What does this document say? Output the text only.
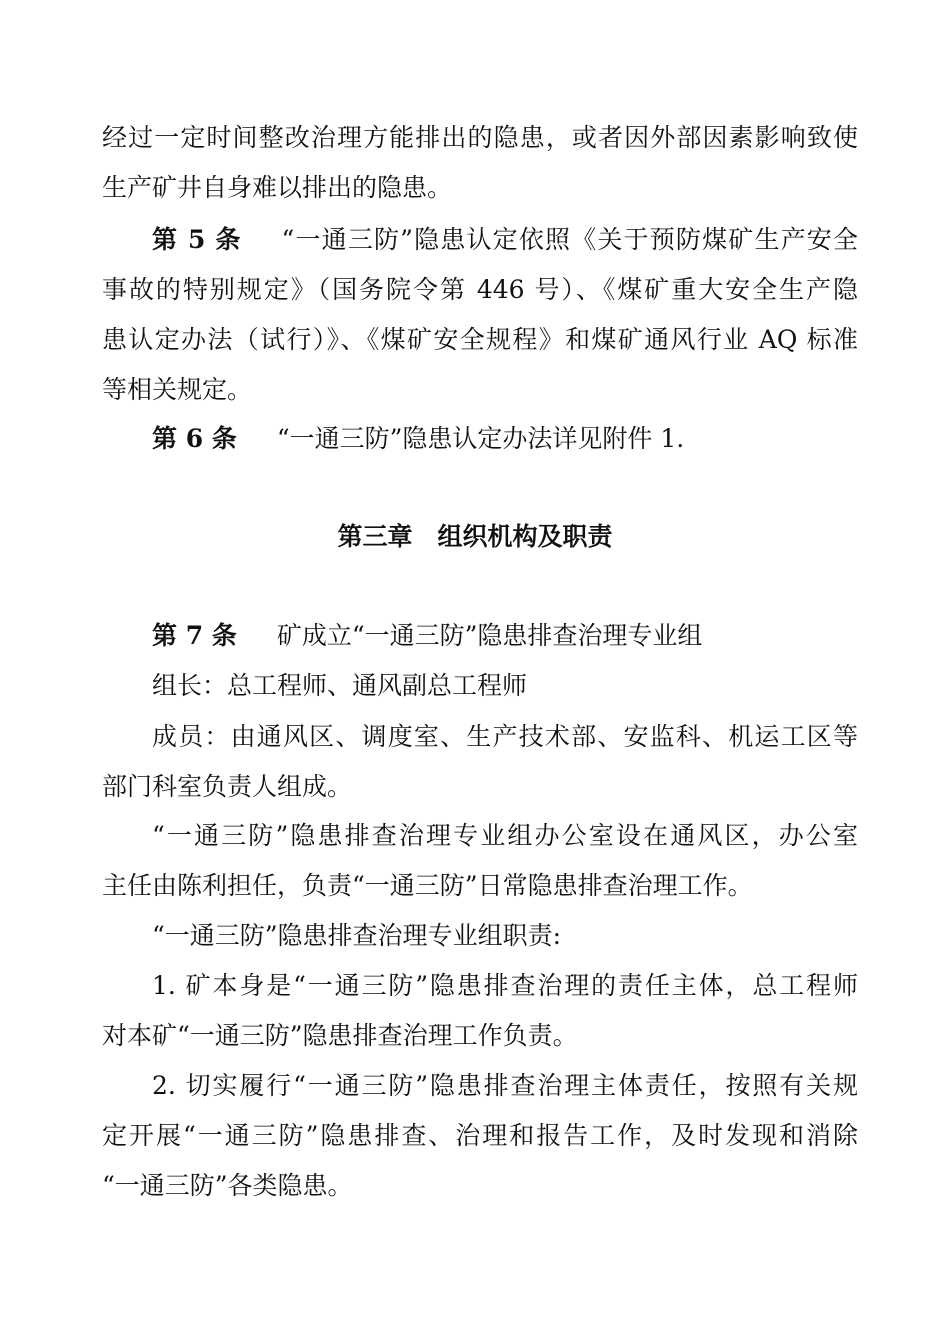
经过一定时间整改治理方能排出的隐患，或者因外部因素影响致使
生产矿井自身难以排出的隐患。
第 5 条 “一通三防”隐患认定依照《关于预防煤矿生产安全
事故的特别规定》（国务院令第 446 号）、《煤矿重大安全生产隐
患认定办法（试行）》、《煤矿安全规程》和煤矿通风行业 AQ 标准
等相关规定。
第 6 条 “一通三防”隐患认定办法详见附件 1.
第三章　组织机构及职责
第 7 条 矿成立“一通三防”隐患排查治理专业组
组长：总工程师、通风副总工程师
成员：由通风区、调度室、生产技术部、安监科、机运工区等
部门科室负责人组成。
“一通三防”隐患排查治理专业组办公室设在通风区，办公室
主任由陈利担任，负责“一通三防”日常隐患排查治理工作。
“一通三防”隐患排查治理专业组职责:
1. 矿本身是“一通三防”隐患排查治理的责任主体，总工程师
对本矿“一通三防”隐患排查治理工作负责。
2. 切实履行“一通三防”隐患排查治理主体责任，按照有关规
定开展“一通三防”隐患排查、治理和报告工作，及时发现和消除
“一通三防”各类隐患。
